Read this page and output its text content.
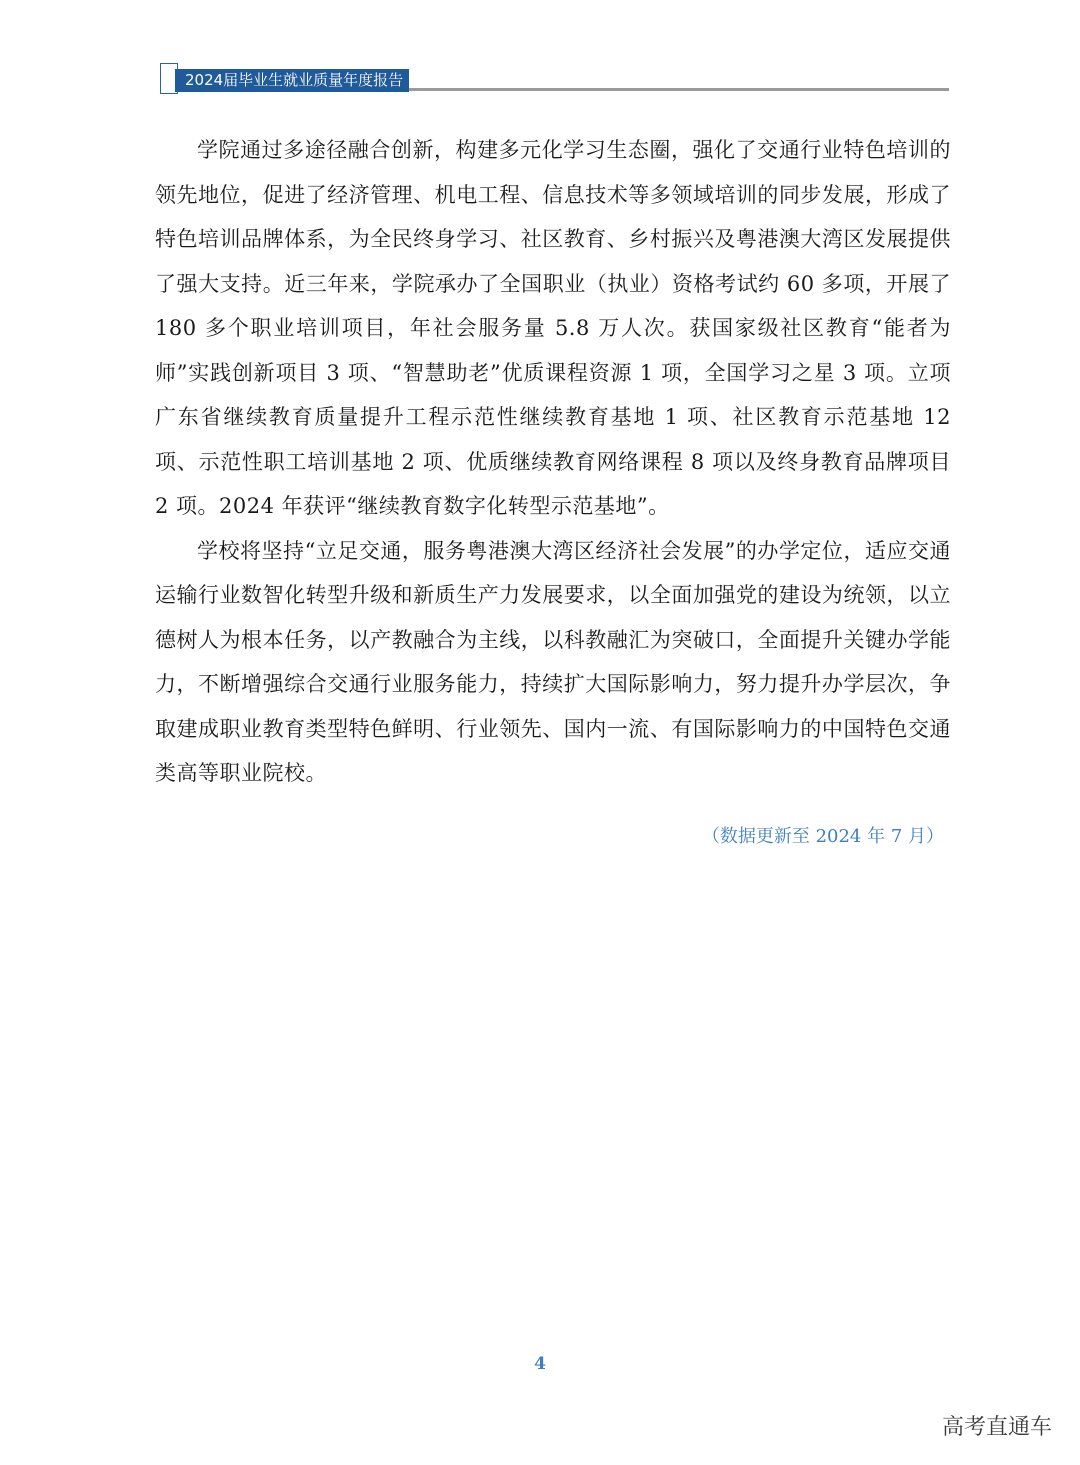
2024届毕业生就业质量年度报告

学院通过多途径融合创新，构建多元化学习生态圈，强化了交通行业特色培训的领先地位，促进了经济管理、机电工程、信息技术等多领域培训的同步发展，形成了特色培训品牌体系，为全民终身学习、社区教育、乡村振兴及粤港澳大湾区发展提供了强大支持。近三年来，学院承办了全国职业（执业）资格考试约 60 多项，开展了 180 多个职业培训项目，年社会服务量 5.8 万人次。获国家级社区教育“能者为师”实践创新项目 3 项、“智慧助老”优质课程资源 1 项，全国学习之星 3 项。立项广东省继续教育质量提升工程示范性继续教育基地 1 项、社区教育示范基地 12 项、示范性职工培训基地 2 项、优质继续教育网络课程 8 项以及终身教育品牌项目 2 项。2024 年获评“继续教育数字化转型示范基地”。

学校将坚持“立足交通，服务粤港澳大湾区经济社会发展”的办学定位，适应交通运输行业数智化转型升级和新质生产力发展要求，以全面加强党的建设为统领，以立德树人为根本任务，以产教融合为主线，以科教融汇为突破口，全面提升关键办学能力，不断增强综合交通行业服务能力，持续扩大国际影响力，努力提升办学层次，争取建成职业教育类型特色鲜明、行业领先、国内一流、有国际影响力的中国特色交通类高等职业院校。

（数据更新至 2024 年 7 月）
4
高考直通车
